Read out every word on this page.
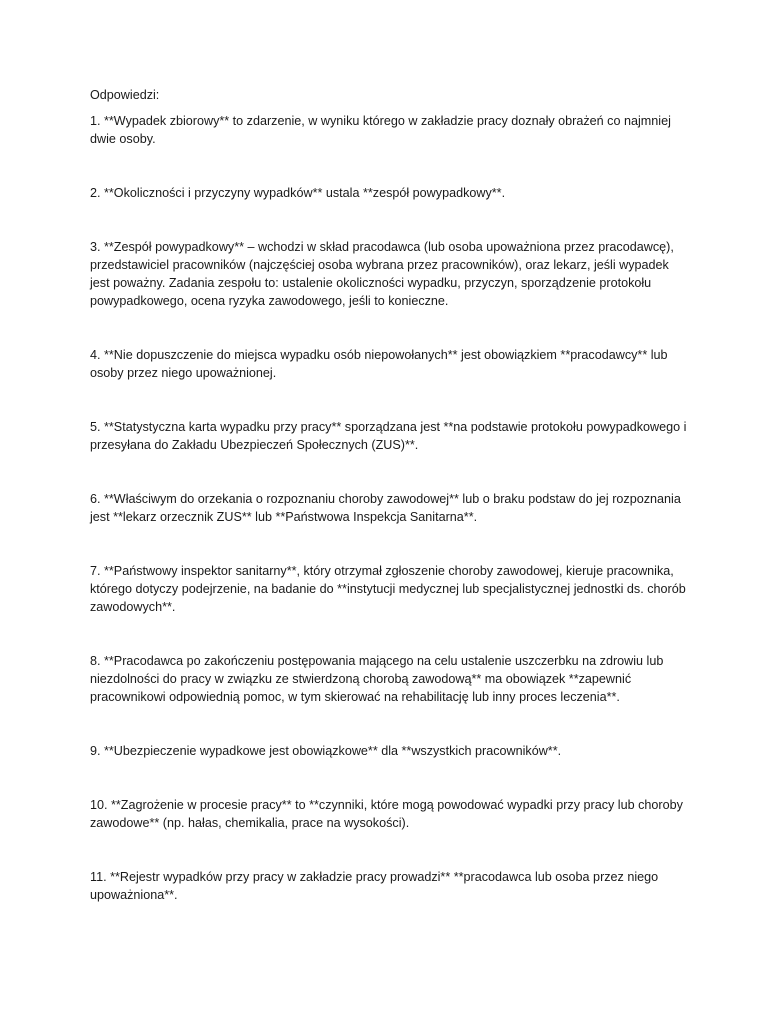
Odpowiedzi:

1. **Wypadek zbiorowy** to zdarzenie, w wyniku którego w zakładzie pracy doznały obrażeń co najmniej dwie osoby.

2. **Okoliczności i przyczyny wypadków** ustala **zespół powypadkowy**.

3. **Zespół powypadkowy** – wchodzi w skład pracodawca (lub osoba upoważniona przez pracodawcę), przedstawiciel pracowników (najczęściej osoba wybrana przez pracowników), oraz lekarz, jeśli wypadek jest poważny. Zadania zespołu to: ustalenie okoliczności wypadku, przyczyn, sporządzenie protokołu powypadkowego, ocena ryzyka zawodowego, jeśli to konieczne.

4. **Nie dopuszczenie do miejsca wypadku osób niepowołanych** jest obowiązkiem **pracodawcy** lub osoby przez niego upoważnionej.

5. **Statystyczna karta wypadku przy pracy** sporządzana jest **na podstawie protokołu powypadkowego i przesyłana do Zakładu Ubezpieczeń Społecznych (ZUS)**.

6. **Właściwym do orzekania o rozpoznaniu choroby zawodowej** lub o braku podstaw do jej rozpoznania jest **lekarz orzecznik ZUS** lub **Państwowa Inspekcja Sanitarna**.

7. **Państwowy inspektor sanitarny**, który otrzymał zgłoszenie choroby zawodowej, kieruje pracownika, którego dotyczy podejrzenie, na badanie do **instytucji medycznej lub specjalistycznej jednostki ds. chorób zawodowych**.

8. **Pracodawca po zakończeniu postępowania mającego na celu ustalenie uszczerbku na zdrowiu lub niezdolności do pracy w związku ze stwierdzoną chorobą zawodową** ma obowiązek **zapewnić pracownikowi odpowiednią pomoc, w tym skierować na rehabilitację lub inny proces leczenia**.

9. **Ubezpieczenie wypadkowe jest obowiązkowe** dla **wszystkich pracowników**.

10. **Zagrożenie w procesie pracy** to **czynniki, które mogą powodować wypadki przy pracy lub choroby zawodowe** (np. hałas, chemikalia, prace na wysokości).

11. **Rejestr wypadków przy pracy w zakładzie pracy prowadzi** **pracodawca lub osoba przez niego upoważniona**.
